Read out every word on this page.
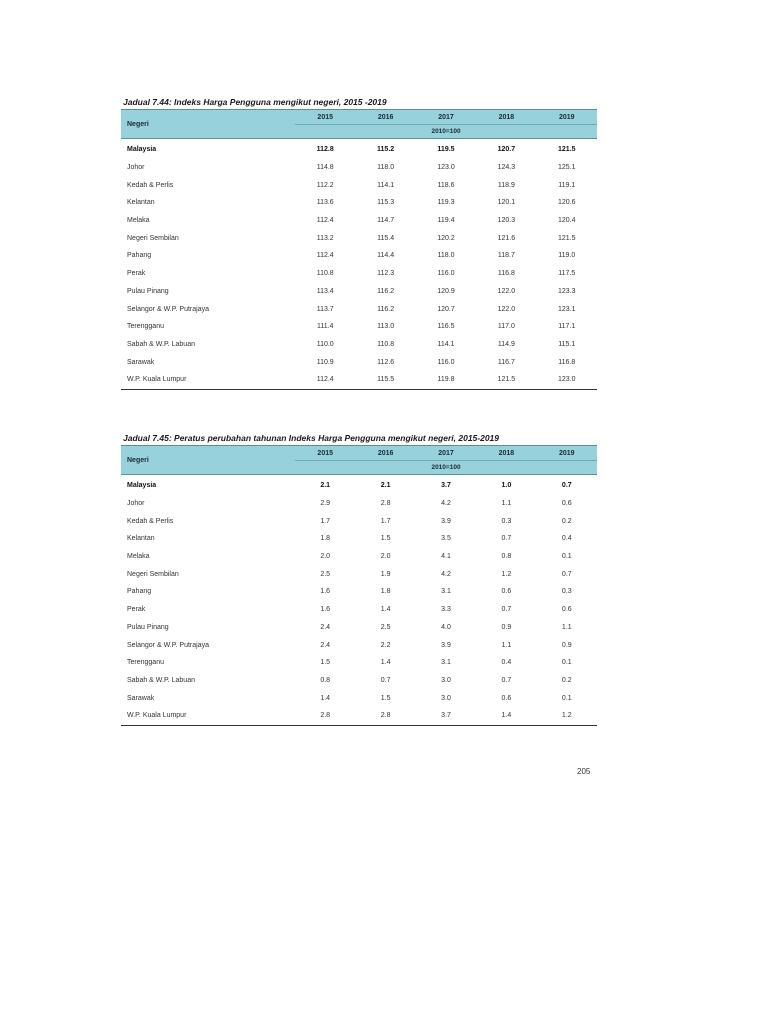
Jadual 7.44: Indeks Harga Pengguna mengikut negeri, 2015 -2019
Negeri	2015	2016	2017	2018	2019
	2010=100				
Malaysia	112.8	115.2	119.5	120.7	121.5
Johor	114.8	118.0	123.0	124.3	125.1
Kedah & Perlis	112.2	114.1	118.6	118.9	119.1
Kelantan	113.6	115.3	119.3	120.1	120.6
Melaka	112.4	114.7	119.4	120.3	120.4
Negeri Sembilan	113.2	115.4	120.2	121.6	121.5
Pahang	112.4	114.4	118.0	118.7	119.0
Perak	110.8	112.3	116.0	116.8	117.5
Pulau Pinang	113.4	116.2	120.9	122.0	123.3
Selangor & W.P. Putrajaya	113.7	116.2	120.7	122.0	123.1
Terengganu	111.4	113.0	116.5	117.0	117.1
Sabah & W.P. Labuan	110.0	110.8	114.1	114.9	115.1
Sarawak	110.9	112.6	116.0	116.7	116.8
W.P. Kuala Lumpur	112.4	115.5	119.8	121.5	123.0
Jadual 7.45: Peratus perubahan tahunan Indeks Harga Pengguna mengikut negeri, 2015-2019
Negeri	2015	2016	2017	2018	2019
	2010=100				
Malaysia	2.1	2.1	3.7	1.0	0.7
Johor	2.9	2.8	4.2	1.1	0.6
Kedah & Perlis	1.7	1.7	3.9	0.3	0.2
Kelantan	1.8	1.5	3.5	0.7	0.4
Melaka	2.0	2.0	4.1	0.8	0.1
Negeri Sembilan	2.5	1.9	4.2	1.2	0.7
Pahang	1.6	1.8	3.1	0.6	0.3
Perak	1.6	1.4	3.3	0.7	0.6
Pulau Pinang	2.4	2.5	4.0	0.9	1.1
Selangor & W.P. Putrajaya	2.4	2.2	3.9	1.1	0.9
Terengganu	1.5	1.4	3.1	0.4	0.1
Sabah & W.P. Labuan	0.8	0.7	3.0	0.7	0.2
Sarawak	1.4	1.5	3.0	0.6	0.1
W.P. Kuala Lumpur	2.8	2.8	3.7	1.4	1.2
205
